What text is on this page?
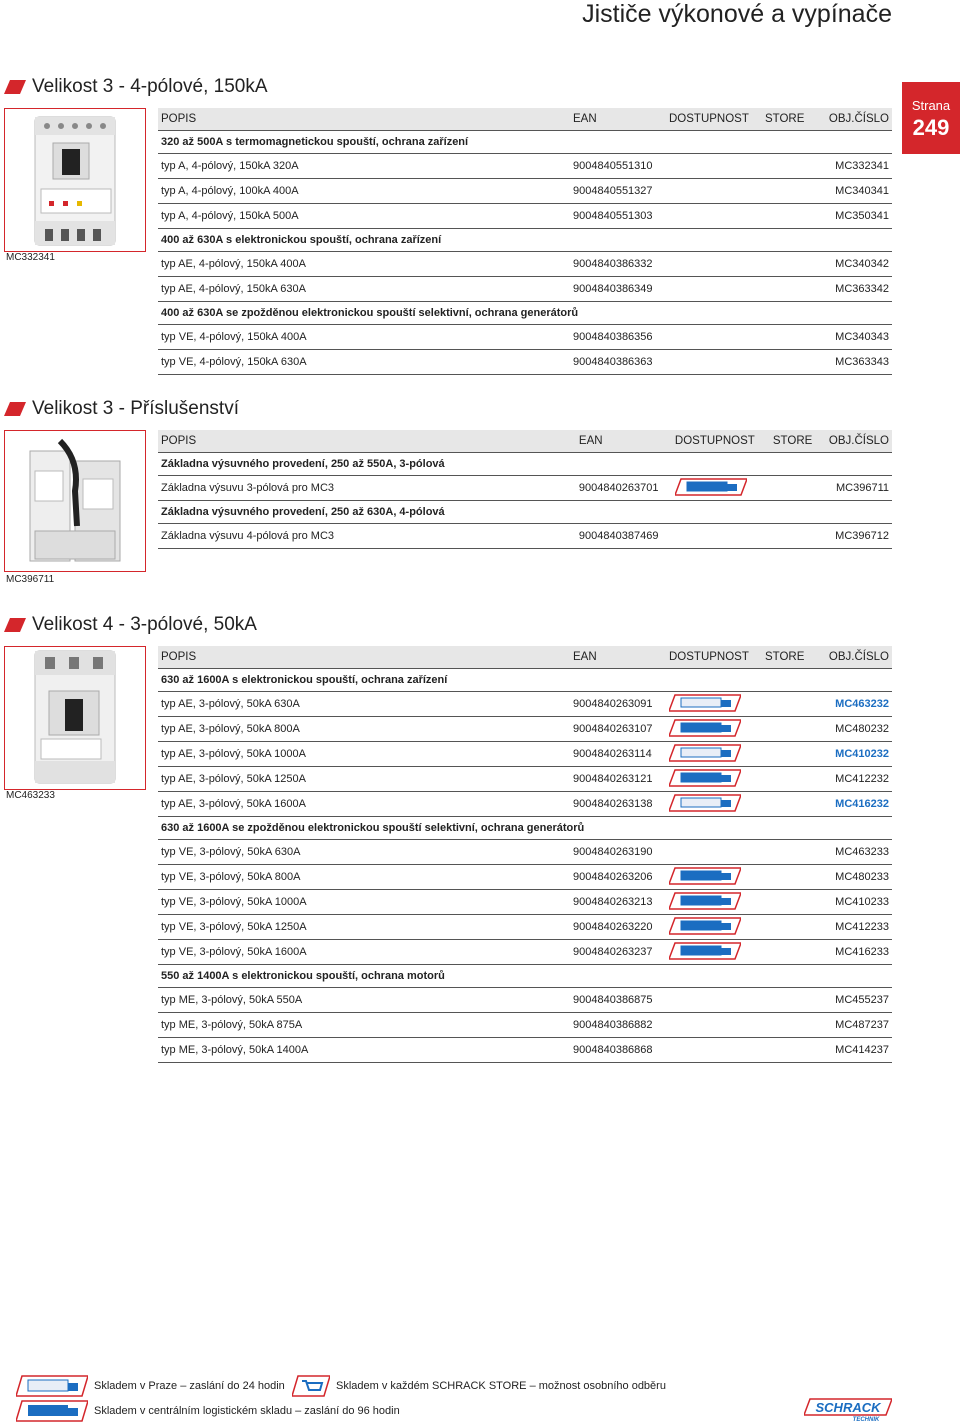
Jističe výkonové a vypínače
Strana
249
Velikost 3 - 4-pólové, 150kA
MC332341
POPIS	EAN	DOSTUPNOST	STORE	OBJ.ČÍSLO
320 až 500A s termomagnetickou spouští, ochrana zařízení				
typ A, 4-pólový, 150kA 320A	9004840551310			MC332341
typ A, 4-pólový, 100kA 400A	9004840551327			MC340341
typ A, 4-pólový, 150kA 500A	9004840551303			MC350341
400 až 630A s elektronickou spouští, ochrana zařízení				
typ AE, 4-pólový, 150kA 400A	9004840386332			MC340342
typ AE, 4-pólový, 150kA 630A	9004840386349			MC363342
400 až 630A se zpožděnou elektronickou spouští selektivní, ochrana generátorů				
typ VE, 4-pólový, 150kA 400A	9004840386356			MC340343
typ VE, 4-pólový, 150kA 630A	9004840386363			MC363343
Velikost 3 - Příslušenství
MC396711
POPIS	EAN	DOSTUPNOST	STORE	OBJ.ČÍSLO
Základna výsuvného provedení, 250 až 550A, 3-pólová				
Základna výsuvu 3-pólová pro MC3	9004840263701			MC396711
Základna výsuvného provedení, 250 až 630A, 4-pólová				
Základna výsuvu 4-pólová pro MC3	9004840387469			MC396712
Velikost 4 - 3-pólové, 50kA
MC463233
POPIS	EAN	DOSTUPNOST	STORE	OBJ.ČÍSLO
630 až 1600A s elektronickou spouští, ochrana zařízení				
typ AE, 3-pólový, 50kA 630A	9004840263091			MC463232
typ AE, 3-pólový, 50kA 800A	9004840263107			MC480232
typ AE, 3-pólový, 50kA 1000A	9004840263114			MC410232
typ AE, 3-pólový, 50kA 1250A	9004840263121			MC412232
typ AE, 3-pólový, 50kA 1600A	9004840263138			MC416232
630 až 1600A se zpožděnou elektronickou spouští selektivní, ochrana generátorů				
typ VE, 3-pólový, 50kA 630A	9004840263190			MC463233
typ VE, 3-pólový, 50kA 800A	9004840263206			MC480233
typ VE, 3-pólový, 50kA 1000A	9004840263213			MC410233
typ VE, 3-pólový, 50kA 1250A	9004840263220			MC412233
typ VE, 3-pólový, 50kA 1600A	9004840263237			MC416233
550 až 1400A s elektronickou spouští, ochrana motorů				
typ ME, 3-pólový, 50kA 550A	9004840386875			MC455237
typ ME, 3-pólový, 50kA 875A	9004840386882			MC487237
typ ME, 3-pólový, 50kA 1400A	9004840386868			MC414237
Skladem v Praze – zaslání do 24 hodin	Skladem v každém SCHRACK STORE – možnost osobního odběru
Skladem v centrálním logistickém skladu – zaslání do 96 hodin	SCHRACK
TECHNIK
